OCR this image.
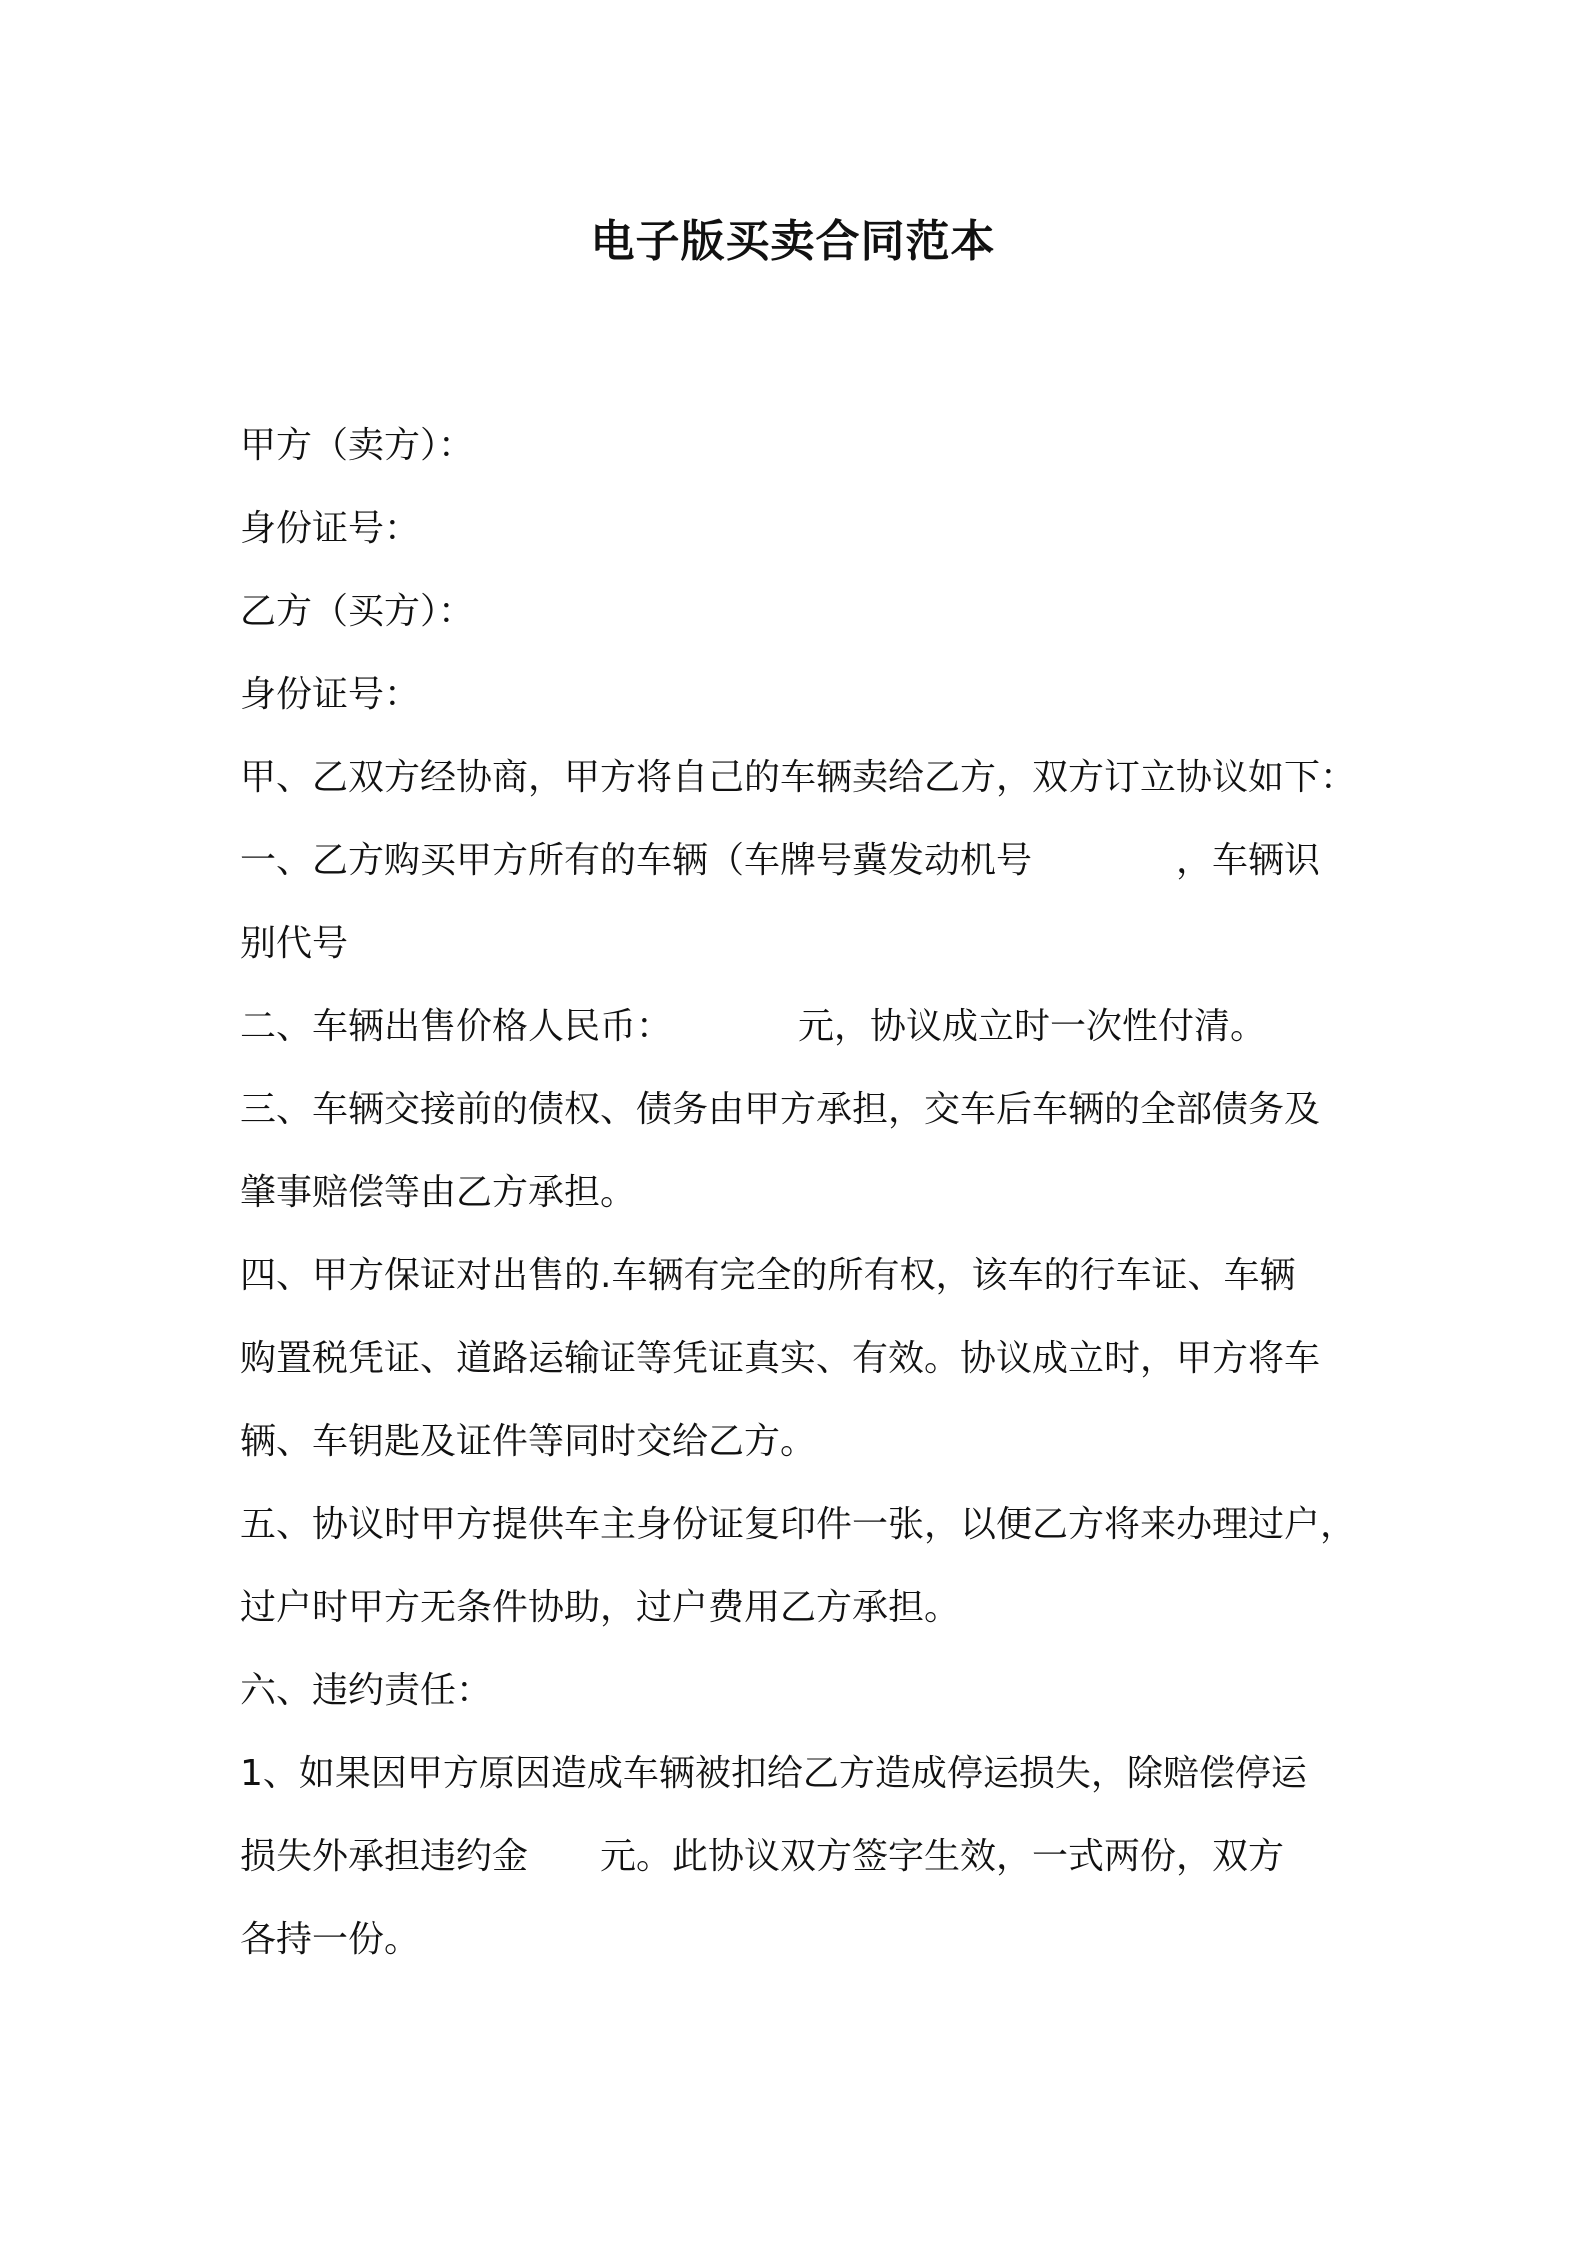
电子版买卖合同范本
甲方（卖方）：
身份证号：
乙方（买方）：
身份证号：
甲、乙双方经协商，甲方将自己的车辆卖给乙方，双方订立协议如下：
一、乙方购买甲方所有的车辆（车牌号冀发动机号　　　　，车辆识
别代号
二、车辆出售价格人民币：　　　　元，协议成立时一次性付清。
三、车辆交接前的债权、债务由甲方承担，交车后车辆的全部债务及
肇事赔偿等由乙方承担。
四、甲方保证对出售的.车辆有完全的所有权，该车的行车证、车辆
购置税凭证、道路运输证等凭证真实、有效。协议成立时，甲方将车
辆、车钥匙及证件等同时交给乙方。
五、协议时甲方提供车主身份证复印件一张，以便乙方将来办理过户，
过户时甲方无条件协助，过户费用乙方承担。
六、违约责任：
1、如果因甲方原因造成车辆被扣给乙方造成停运损失，除赔偿停运
损失外承担违约金　　元。此协议双方签字生效，一式两份，双方
各持一份。
